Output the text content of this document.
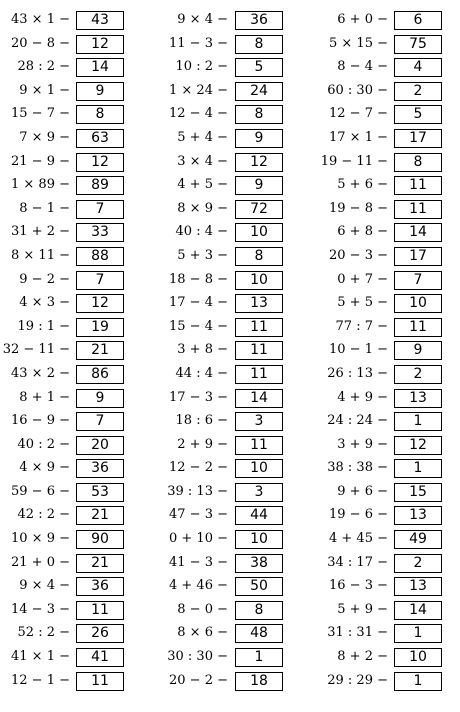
43 × 1 −	43
20 − 8 −	12
28 : 2 −	14
9 × 1 −	9
15 − 7 −	8
7 × 9 −	63
21 − 9 −	12
1 × 89 −	89
8 − 1 −	7
31 + 2 −	33
8 × 11 −	88
9 − 2 −	7
4 × 3 −	12
19 : 1 −	19
32 − 11 −	21
43 × 2 −	86
8 + 1 −	9
16 − 9 −	7
40 : 2 −	20
4 × 9 −	36
59 − 6 −	53
42 : 2 −	21
10 × 9 −	90
21 + 0 −	21
9 × 4 −	36
14 − 3 −	11
52 : 2 −	26
41 × 1 −	41
12 − 1 −	11
9 × 4 −	36
11 − 3 −	8
10 : 2 −	5
1 × 24 −	24
12 − 4 −	8
5 + 4 −	9
3 × 4 −	12
4 + 5 −	9
8 × 9 −	72
40 : 4 −	10
5 + 3 −	8
18 − 8 −	10
17 − 4 −	13
15 − 4 −	11
3 + 8 −	11
44 : 4 −	11
17 − 3 −	14
18 : 6 −	3
2 + 9 −	11
12 − 2 −	10
39 : 13 −	3
47 − 3 −	44
0 + 10 −	10
41 − 3 −	38
4 + 46 −	50
8 − 0 −	8
8 × 6 −	48
30 : 30 −	1
20 − 2 −	18
6 + 0 −	6
5 × 15 −	75
8 − 4 −	4
60 : 30 −	2
12 − 7 −	5
17 × 1 −	17
19 − 11 −	8
5 + 6 −	11
19 − 8 −	11
6 + 8 −	14
20 − 3 −	17
0 + 7 −	7
5 + 5 −	10
77 : 7 −	11
10 − 1 −	9
26 : 13 −	2
4 + 9 −	13
24 : 24 −	1
3 + 9 −	12
38 : 38 −	1
9 + 6 −	15
19 − 6 −	13
4 + 45 −	49
34 : 17 −	2
16 − 3 −	13
5 + 9 −	14
31 : 31 −	1
8 + 2 −	10
29 : 29 −	1
